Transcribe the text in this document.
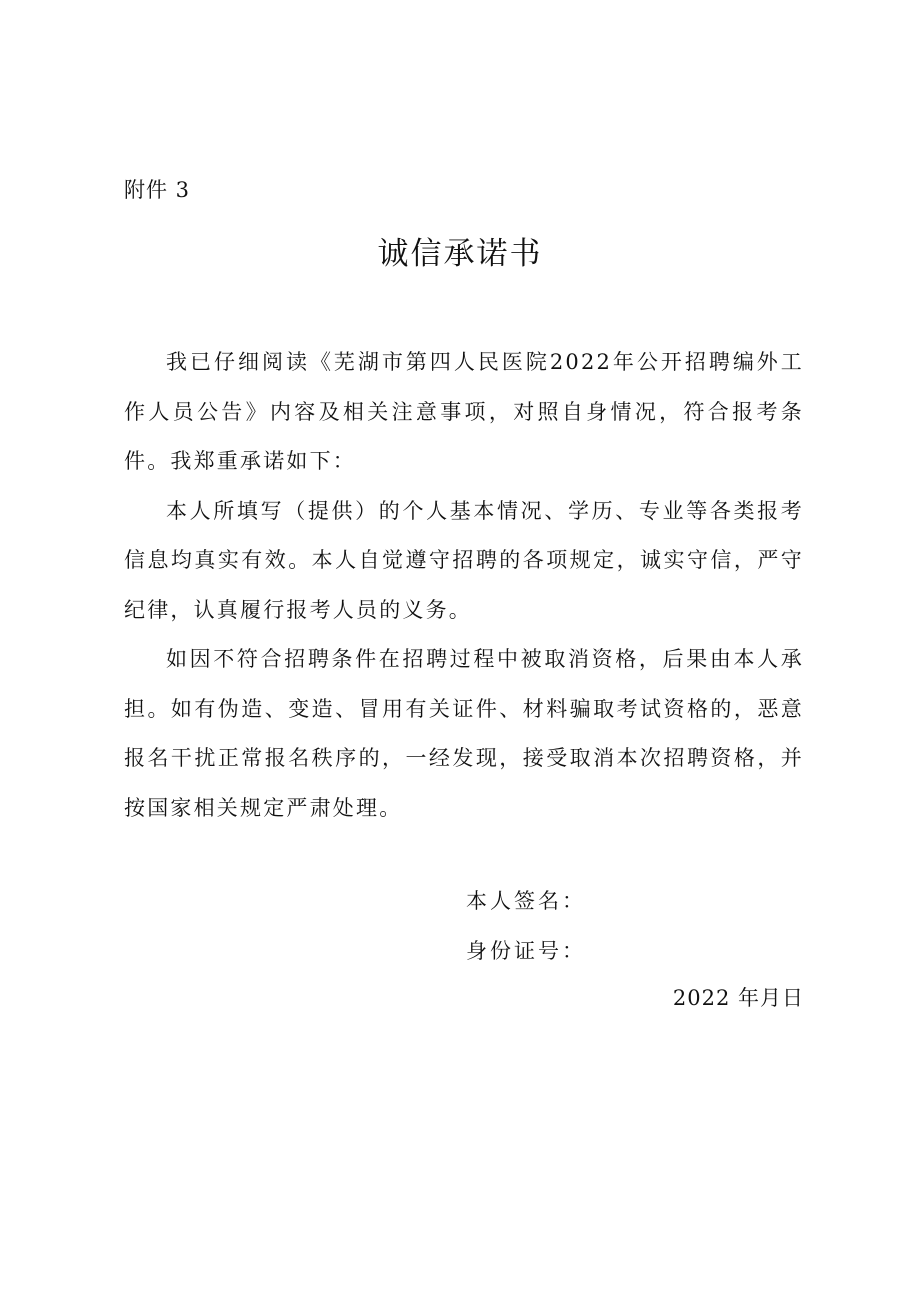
附件 3
诚信承诺书

我已仔细阅读《芜湖市第四人民医院2022年公开招聘编外工作人员公告》内容及相关注意事项，对照自身情况，符合报考条件。我郑重承诺如下：

本人所填写（提供）的个人基本情况、学历、专业等各类报考信息均真实有效。本人自觉遵守招聘的各项规定，诚实守信，严守纪律，认真履行报考人员的义务。

如因不符合招聘条件在招聘过程中被取消资格，后果由本人承担。如有伪造、变造、冒用有关证件、材料骗取考试资格的，恶意报名干扰正常报名秩序的，一经发现，接受取消本次招聘资格，并按国家相关规定严肃处理。

本人签名：
身份证号：
2022 年月日
